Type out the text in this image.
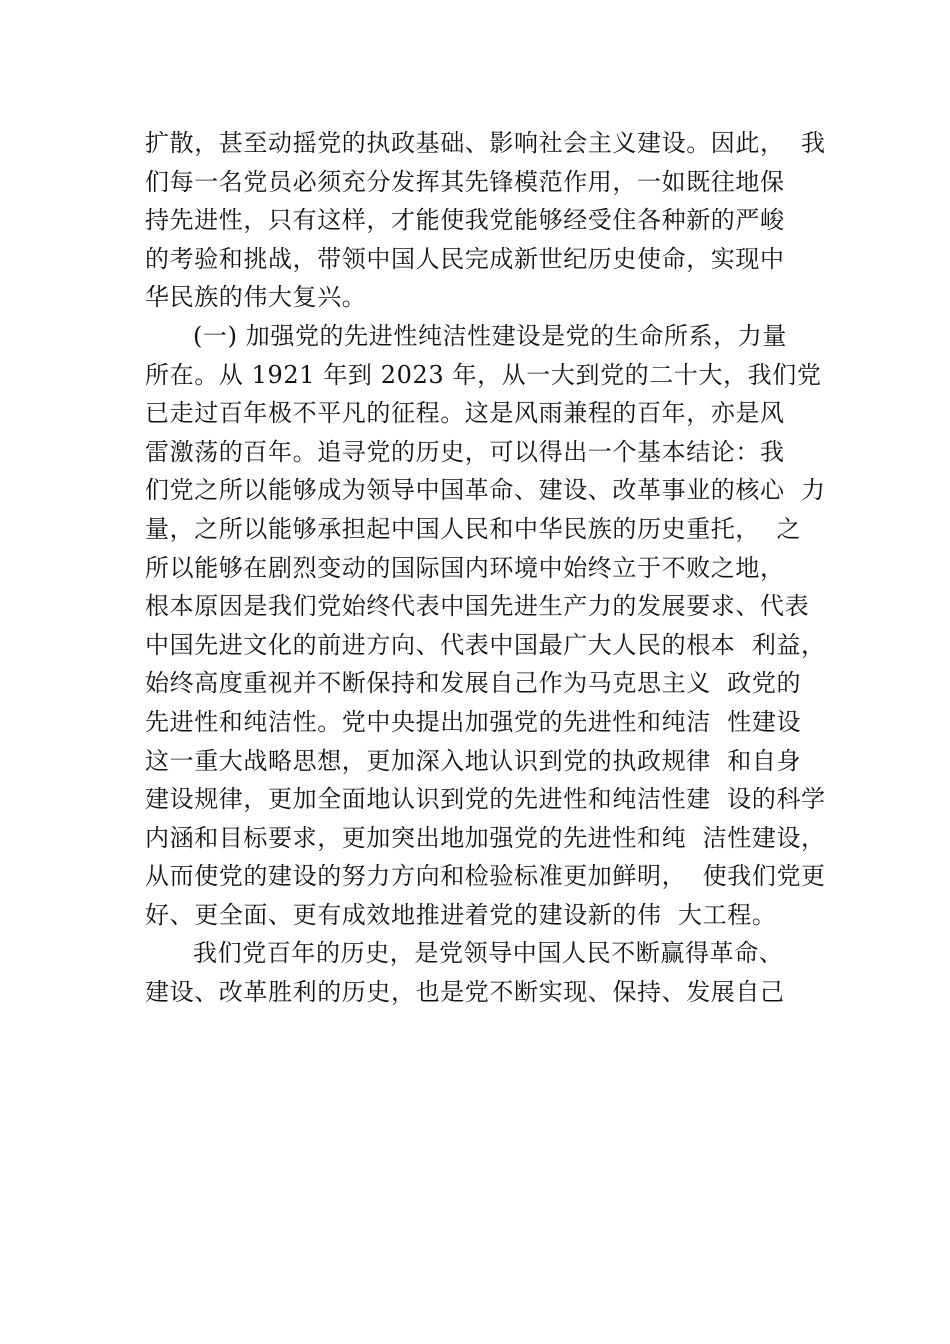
扩散，甚至动摇党的执政基础、影响社会主义建设。因此，  我
们每一名党员必须充分发挥其先锋模范作用，一如既往地保
持先进性，只有这样，才能使我党能够经受住各种新的严峻
的考验和挑战，带领中国人民完成新世纪历史使命，实现中
华民族的伟大复兴。
(一) 加强党的先进性纯洁性建设是党的生命所系，力量
所在。从 1921 年到 2023 年，从一大到党的二十大，我们党
已走过百年极不平凡的征程。这是风雨兼程的百年，亦是风
雷激荡的百年。追寻党的历史，可以得出一个基本结论：我
们党之所以能够成为领导中国革命、建设、改革事业的核心  力
量，之所以能够承担起中国人民和中华民族的历史重托，  之
所以能够在剧烈变动的国际国内环境中始终立于不败之地，
根本原因是我们党始终代表中国先进生产力的发展要求、代表
中国先进文化的前进方向、代表中国最广大人民的根本  利益，
始终高度重视并不断保持和发展自己作为马克思主义  政党的
先进性和纯洁性。党中央提出加强党的先进性和纯洁  性建设
这一重大战略思想，更加深入地认识到党的执政规律  和自身
建设规律，更加全面地认识到党的先进性和纯洁性建  设的科学
内涵和目标要求，更加突出地加强党的先进性和纯  洁性建设，
从而使党的建设的努力方向和检验标准更加鲜明，  使我们党更
好、更全面、更有成效地推进着党的建设新的伟  大工程。
我们党百年的历史，是党领导中国人民不断赢得革命、
建设、改革胜利的历史，也是党不断实现、保持、发展自己
